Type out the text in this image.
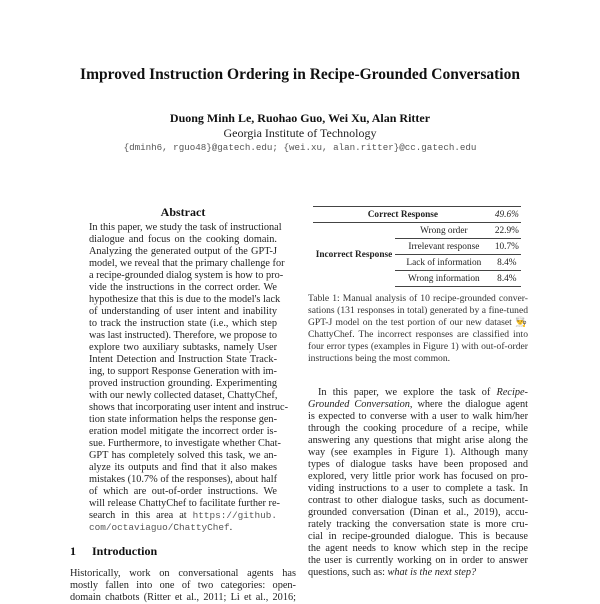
Improved Instruction Ordering in Recipe-Grounded Conversation
Duong Minh Le, Ruohao Guo, Wei Xu, Alan Ritter
Georgia Institute of Technology
{dminh6, rguo48}@gatech.edu; {wei.xu, alan.ritter}@cc.gatech.edu
Abstract
In this paper, we study the task of instructional
dialogue and focus on the cooking domain.
Analyzing the generated output of the GPT-J
model, we reveal that the primary challenge for
a recipe-grounded dialog system is how to pro-
vide the instructions in the correct order. We
hypothesize that this is due to the model's lack
of understanding of user intent and inability
to track the instruction state (i.e., which step
was last instructed). Therefore, we propose to
explore two auxiliary subtasks, namely User
Intent Detection and Instruction State Track-
ing, to support Response Generation with im-
proved instruction grounding. Experimenting
with our newly collected dataset, ChattyChef,
shows that incorporating user intent and instruc-
tion state information helps the response gen-
eration model mitigate the incorrect order is-
sue. Furthermore, to investigate whether Chat-
GPT has completely solved this task, we an-
alyze its outputs and find that it also makes
mistakes (10.7% of the responses), about half
of which are out-of-order instructions. We
will release ChattyChef to facilitate further re-
search in this area at https://github.
com/octaviaguo/ChattyChef.
1 Introduction
Historically, work on conversational agents has
mostly fallen into one of two categories: open-
domain chatbots (Ritter et al., 2011; Li et al., 2016;
Correct Response		49.6%
Incorrect Response	Wrong order	22.9%
	Irrelevant response	10.7%
	Lack of information	8.4%
	Wrong information	8.4%
Table 1: Manual analysis of 10 recipe-grounded conver-
sations (131 responses in total) generated by a fine-tuned
GPT-J model on the test portion of our new dataset 👨‍🍳
ChattyChef. The incorrect responses are classified into
four error types (examples in Figure 1) with out-of-order
instructions being the most common.
In this paper, we explore the task of Recipe-
Grounded Conversation, where the dialogue agent
is expected to converse with a user to walk him/her
through the cooking procedure of a recipe, while
answering any questions that might arise along the
way (see examples in Figure 1). Although many
types of dialogue tasks have been proposed and
explored, very little prior work has focused on pro-
viding instructions to a user to complete a task. In
contrast to other dialogue tasks, such as document-
grounded conversation (Dinan et al., 2019), accu-
rately tracking the conversation state is more cru-
cial in recipe-grounded dialogue. This is because
the agent needs to know which step in the recipe
the user is currently working on in order to answer
questions, such as: what is the next step?
